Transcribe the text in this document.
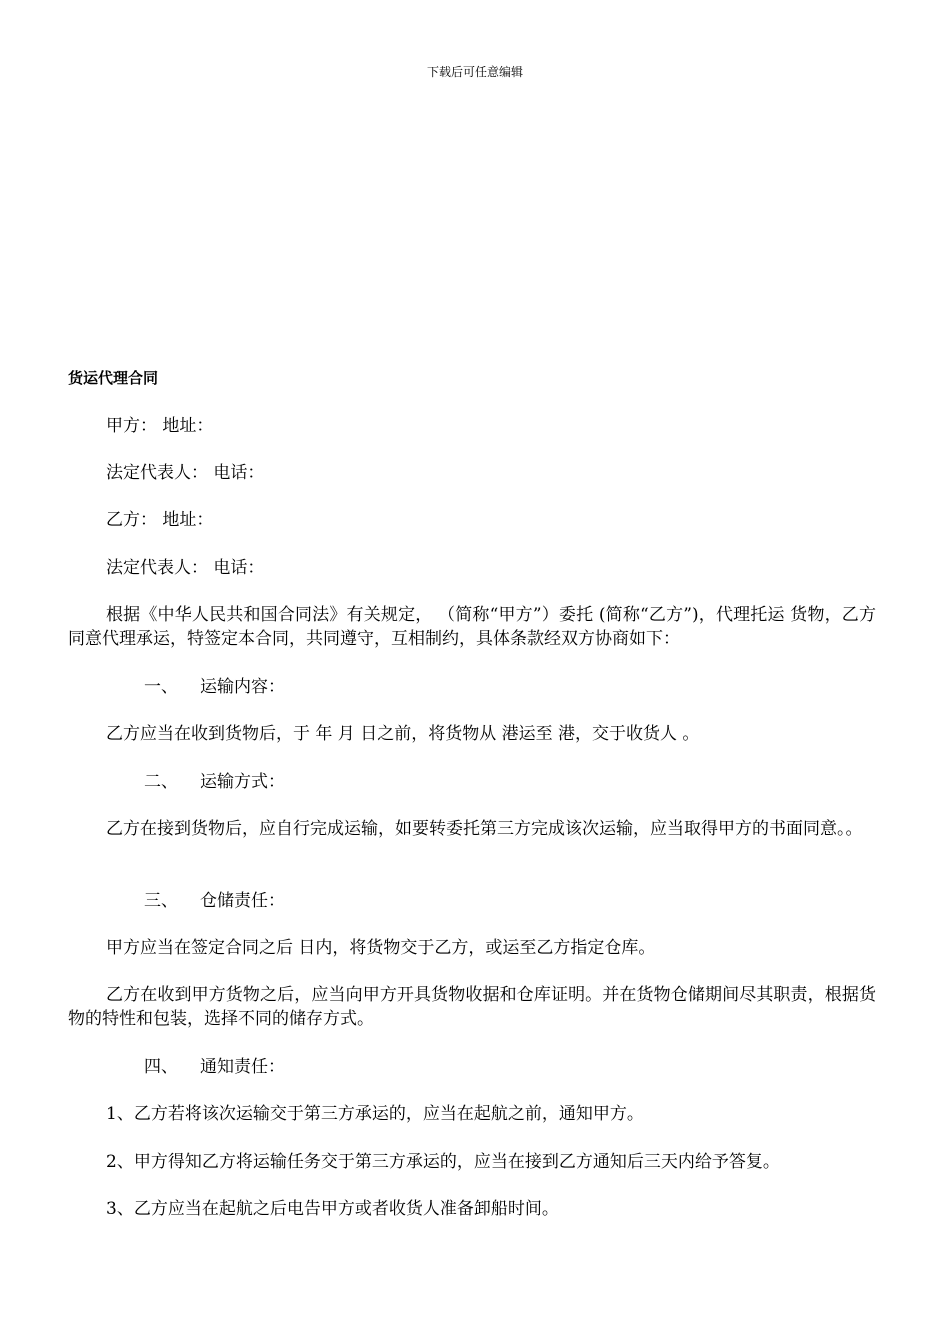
下载后可任意编辑
货运代理合同
甲方： 地址：
法定代表人： 电话：
乙方： 地址：
法定代表人： 电话：
根据《中华人民共和国合同法》有关规定， （简称“甲方”）委托 (简称“乙方”)，代理托运 货物，乙方同意代理承运，特签定本合同，共同遵守，互相制约，具体条款经双方协商如下：
一、 运输内容：
乙方应当在收到货物后，于 年 月 日之前，将货物从 港运至 港，交于收货人 。
二、 运输方式：
乙方在接到货物后，应自行完成运输，如要转委托第三方完成该次运输，应当取得甲方的书面同意。。
三、 仓储责任：
甲方应当在签定合同之后 日内，将货物交于乙方，或运至乙方指定仓库。
乙方在收到甲方货物之后，应当向甲方开具货物收据和仓库证明。并在货物仓储期间尽其职责，根据货物的特性和包装，选择不同的储存方式。
四、 通知责任：
1、乙方若将该次运输交于第三方承运的，应当在起航之前，通知甲方。
2、甲方得知乙方将运输任务交于第三方承运的，应当在接到乙方通知后三天内给予答复。
3、乙方应当在起航之后电告甲方或者收货人准备卸船时间。
